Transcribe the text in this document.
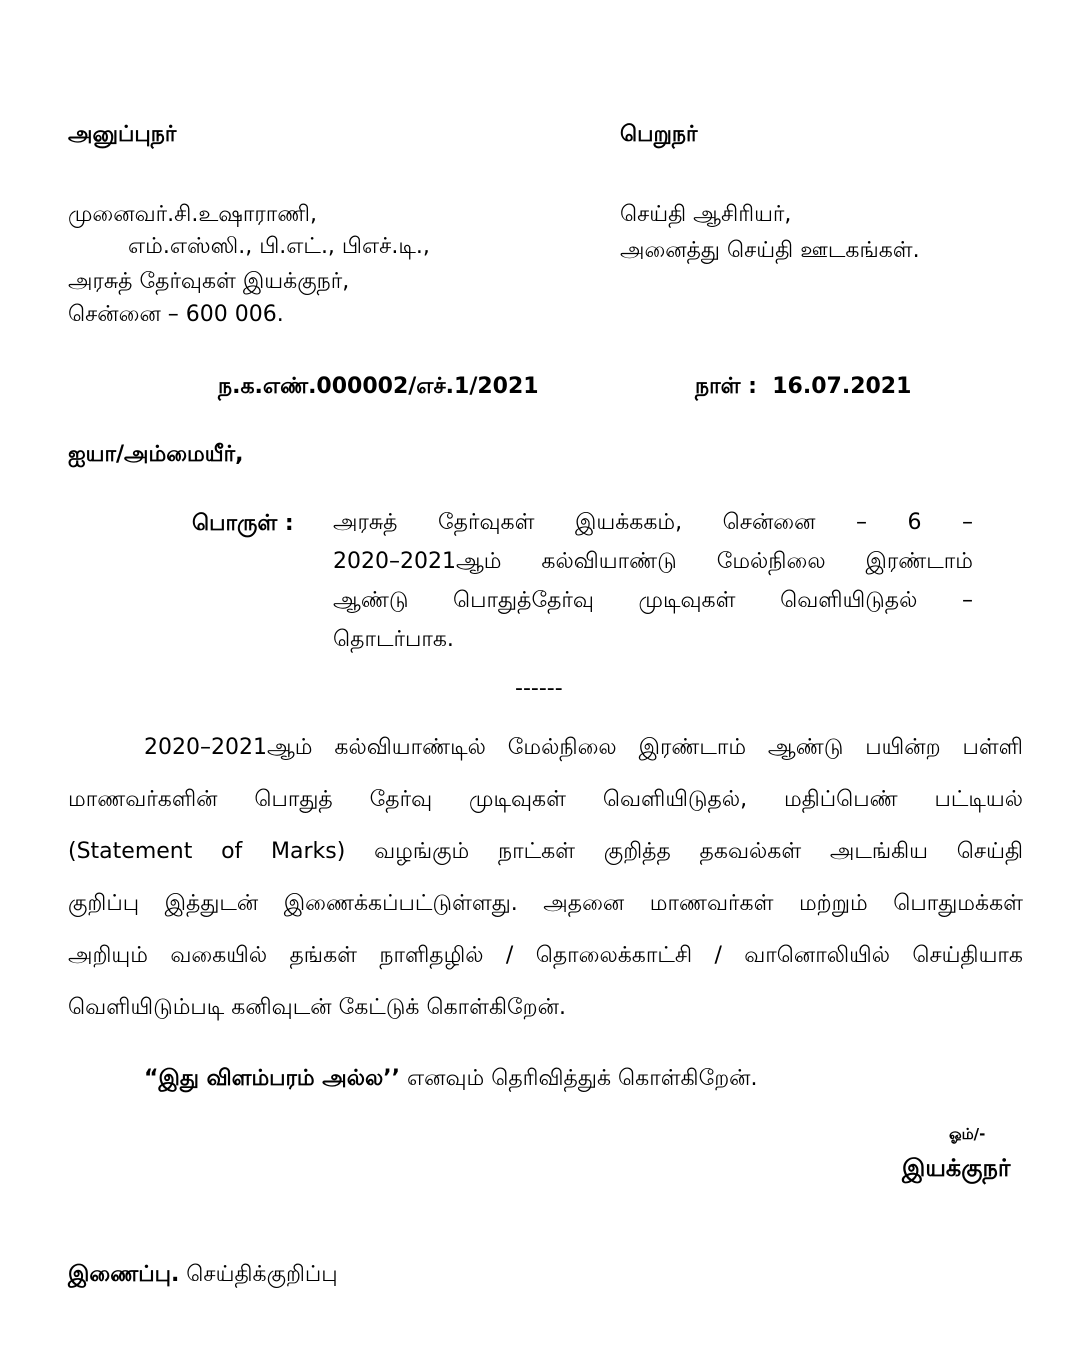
அனுப்புநர்	பெறுநர்
முனைவர்.சி.உஷாராணி,
எம்.எஸ்ஸி., பி.எட்., பிஎச்.டி.,
அரசுத் தேர்வுகள் இயக்குநர்,
சென்னை – 600 006.
செய்தி ஆசிரியர்,
அனைத்து செய்தி ஊடகங்கள்.
ந.க.எண்.000002/எச்.1/2021	நாள் : 16.07.2021
ஐயா/அம்மையீர்,
பொருள் : அரசுத் தேர்வுகள் இயக்ககம், சென்னை – 6 –
2020–2021ஆம் கல்வியாண்டு மேல்நிலை இரண்டாம்
ஆண்டு பொதுத்தேர்வு முடிவுகள் வெளியிடுதல் –
தொடர்பாக.
------
2020–2021ஆம் கல்வியாண்டில் மேல்நிலை இரண்டாம் ஆண்டு பயின்ற பள்ளி
மாணவர்களின் பொதுத் தேர்வு முடிவுகள் வெளியிடுதல், மதிப்பெண் பட்டியல்
(Statement of Marks) வழங்கும் நாட்கள் குறித்த தகவல்கள் அடங்கிய செய்தி
குறிப்பு இத்துடன் இணைக்கப்பட்டுள்ளது. அதனை மாணவர்கள் மற்றும் பொதுமக்கள்
அறியும் வகையில் தங்கள் நாளிதழில் / தொலைக்காட்சி / வானொலியில் செய்தியாக
வெளியிடும்படி கனிவுடன் கேட்டுக் கொள்கிறேன்.
“இது விளம்பரம் அல்ல’’ எனவும் தெரிவித்துக் கொள்கிறேன்.
ஓம்/-
இயக்குநர்
இணைப்பு. செய்திக்குறிப்பு
